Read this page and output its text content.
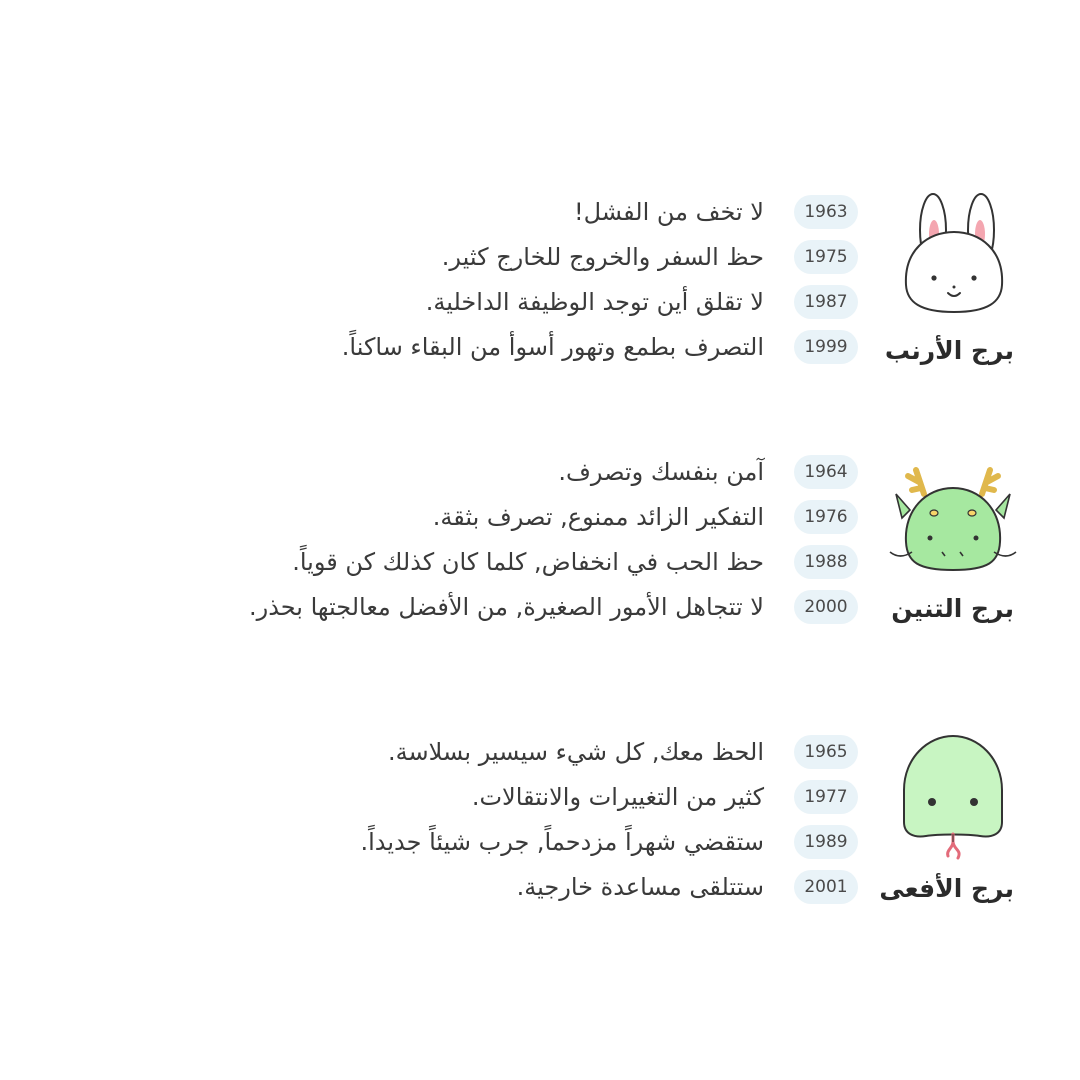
برج الأرنب
1963
لا تخف من الفشل!
1975
حظ السفر والخروج للخارج كثير.
1987
لا تقلق أين توجد الوظيفة الداخلية.
1999
التصرف بطمع وتهور أسوأ من البقاء ساكناً.
برج التنين
1964
آمن بنفسك وتصرف.
1976
التفكير الزائد ممنوع, تصرف بثقة.
1988
حظ الحب في انخفاض, كلما كان كذلك كن قوياً.
2000
لا تتجاهل الأمور الصغيرة, من الأفضل معالجتها بحذر.
برج الأفعى
1965
الحظ معك, كل شيء سيسير بسلاسة.
1977
كثير من التغييرات والانتقالات.
1989
ستقضي شهراً مزدحماً, جرب شيئاً جديداً.
2001
ستتلقى مساعدة خارجية.
